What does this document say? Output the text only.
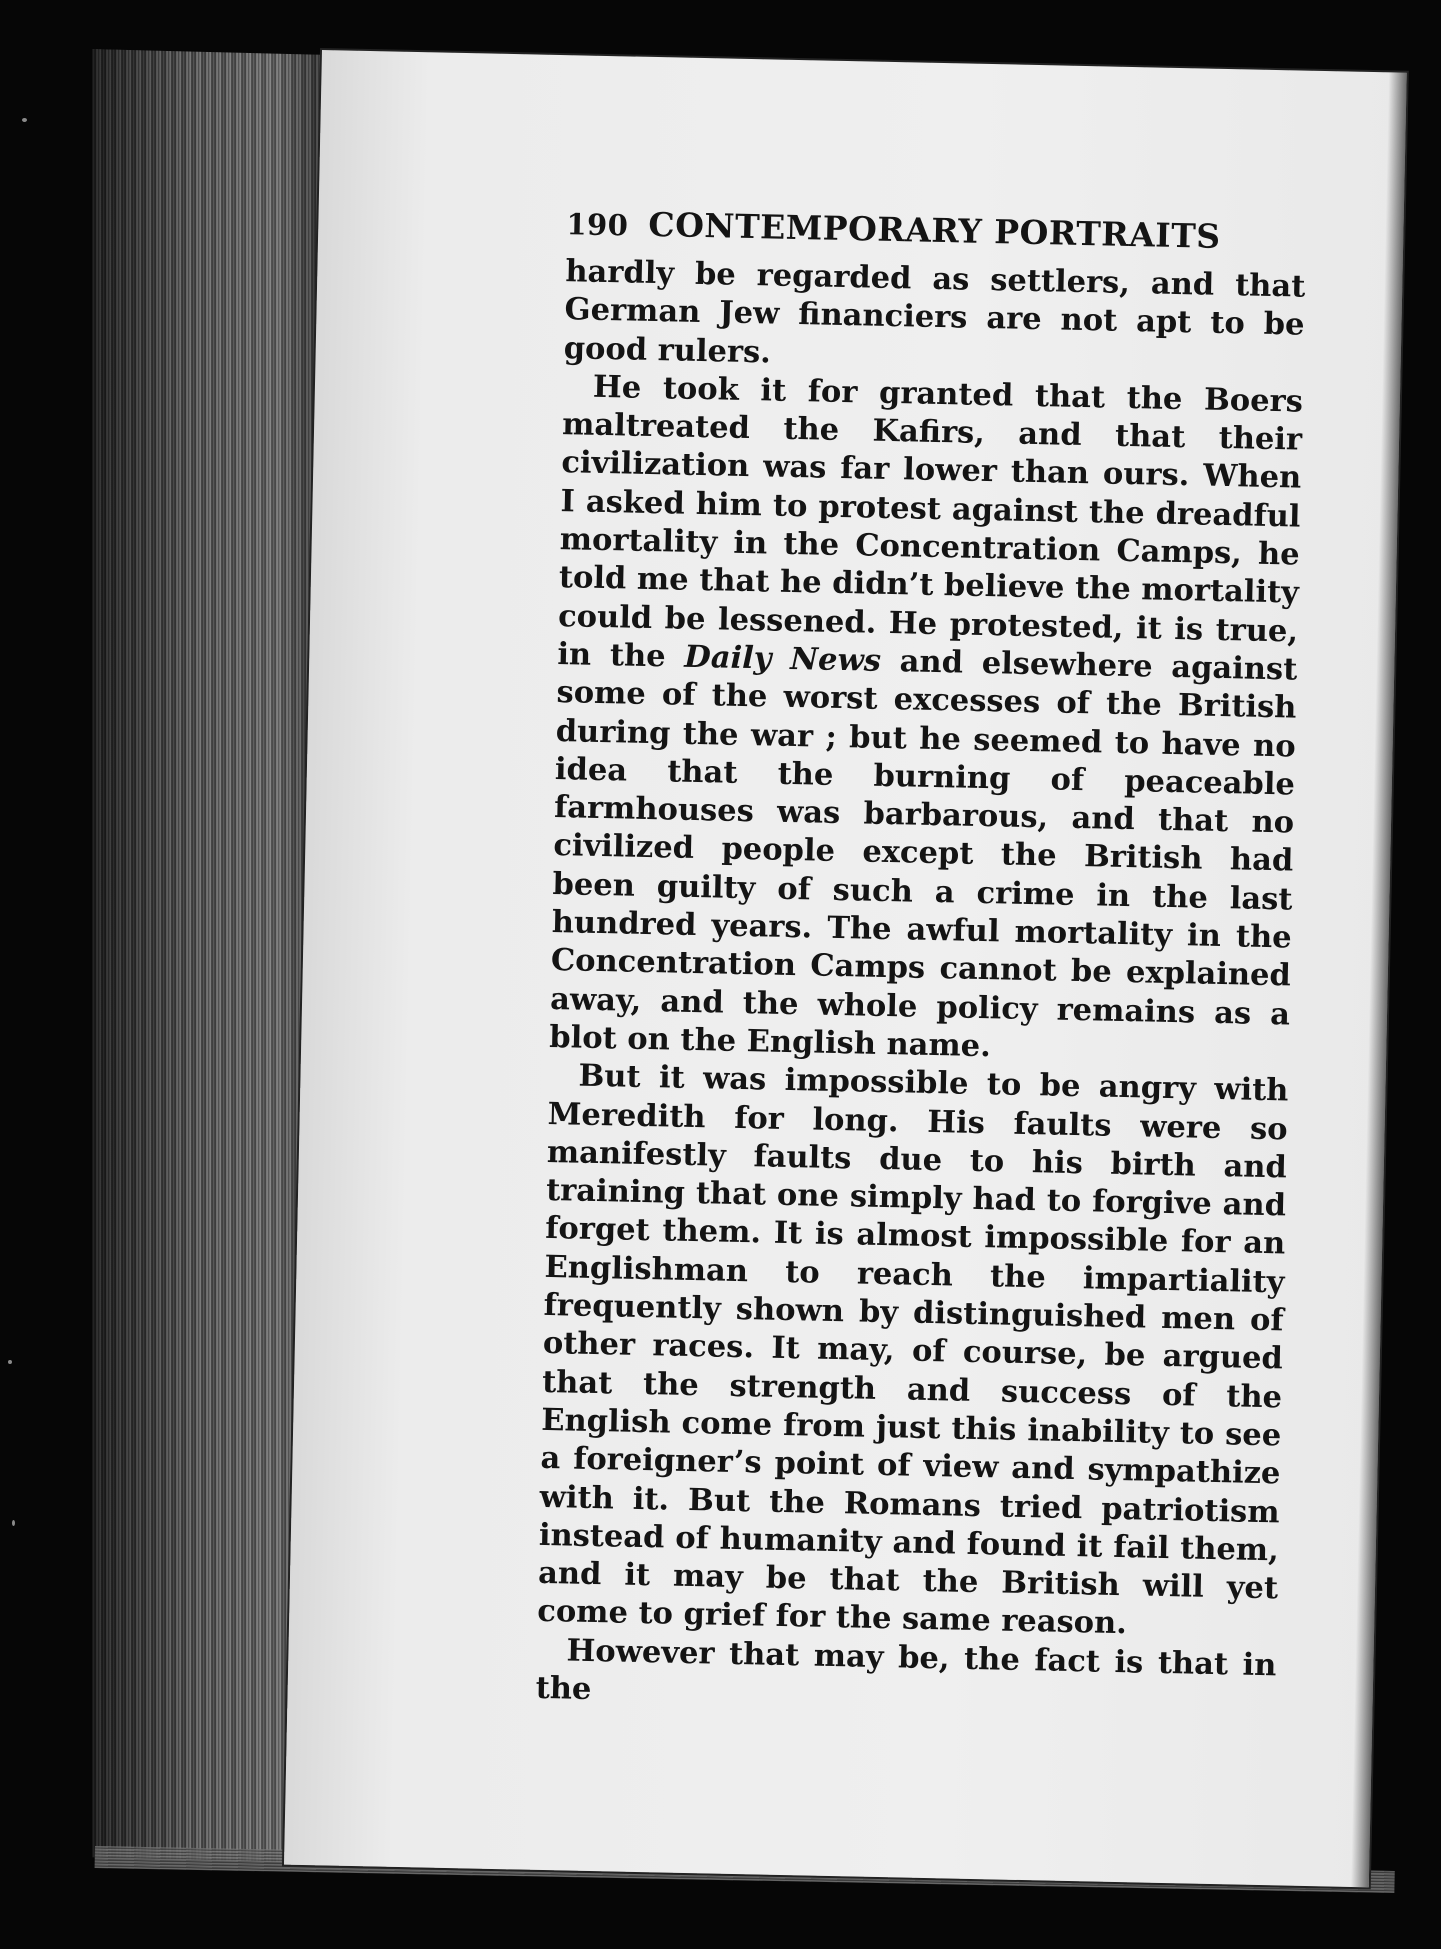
190 CONTEMPORARY PORTRAITS

hardly be regarded as settlers, and that German Jew financiers are not apt to be good rulers.

He took it for granted that the Boers maltreated the Kafirs, and that their civilization was far lower than ours. When I asked him to protest against the dreadful mortality in the Concentration Camps, he told me that he didn’t believe the mortality could be lessened. He protested, it is true, in the Daily News and elsewhere against some of the worst excesses of the British during the war ; but he seemed to have no idea that the burning of peaceable farmhouses was barbarous, and that no civilized people except the British had been guilty of such a crime in the last hundred years. The awful mortality in the Concentration Camps cannot be explained away, and the whole policy remains as a blot on the English name.

But it was impossible to be angry with Meredith for long. His faults were so manifestly faults due to his birth and training that one simply had to forgive and forget them. It is almost impossible for an Englishman to reach the impartiality frequently shown by distinguished men of other races. It may, of course, be argued that the strength and success of the English come from just this inability to see a foreigner’s point of view and sympathize with it. But the Romans tried patriotism instead of humanity and found it fail them, and it may be that the British will yet come to grief for the same reason.

However that may be, the fact is that in the
